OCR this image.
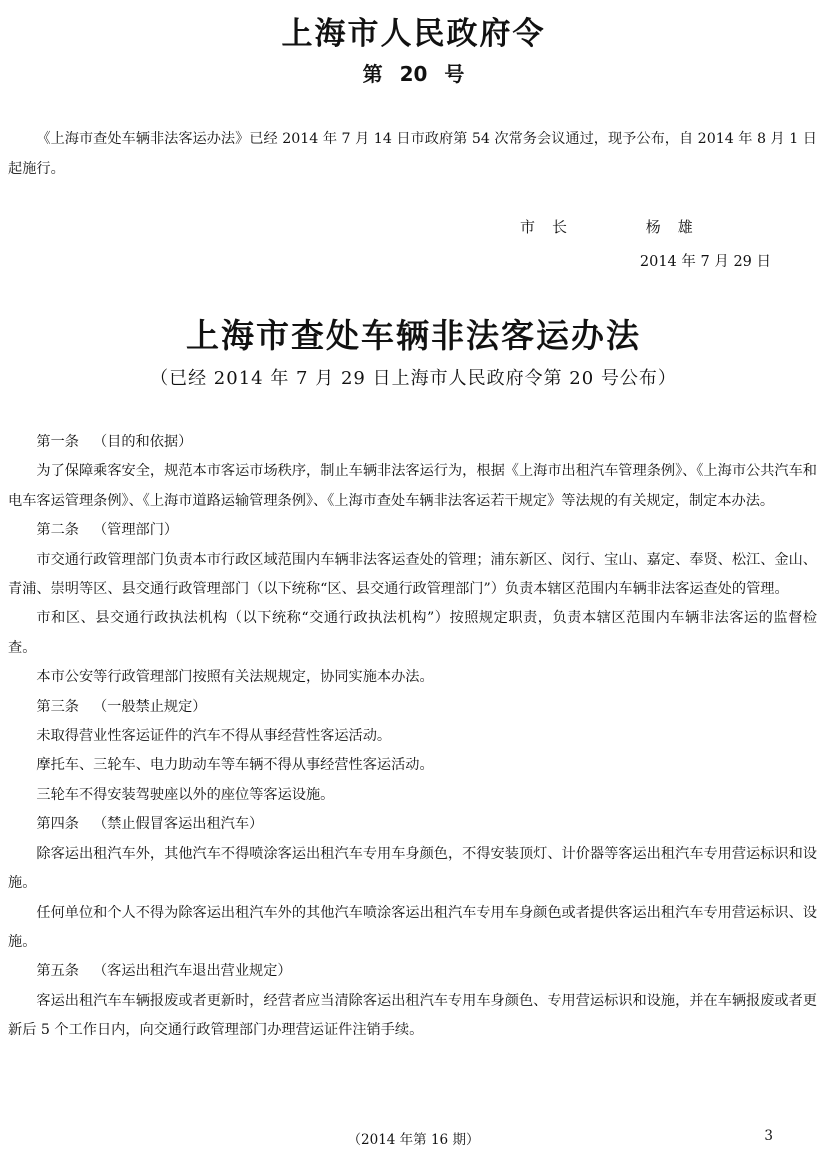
上海市人民政府令
第 20 号
《上海市查处车辆非法客运办法》已经 2014 年 7 月 14 日市政府第 54 次常务会议通过，现予公布，自 2014 年 8 月 1 日起施行。
市　长	杨　雄
2014 年 7 月 29 日
上海市查处车辆非法客运办法
（已经 2014 年 7 月 29 日上海市人民政府令第 20 号公布）

第一条 （目的和依据）

为了保障乘客安全，规范本市客运市场秩序，制止车辆非法客运行为，根据《上海市出租汽车管理条例》、《上海市公共汽车和电车客运管理条例》、《上海市道路运输管理条例》、《上海市查处车辆非法客运若干规定》等法规的有关规定，制定本办法。

第二条 （管理部门）

市交通行政管理部门负责本市行政区域范围内车辆非法客运查处的管理；浦东新区、闵行、宝山、嘉定、奉贤、松江、金山、青浦、崇明等区、县交通行政管理部门（以下统称“区、县交通行政管理部门”）负责本辖区范围内车辆非法客运查处的管理。

市和区、县交通行政执法机构（以下统称“交通行政执法机构”）按照规定职责，负责本辖区范围内车辆非法客运的监督检查。

本市公安等行政管理部门按照有关法规规定，协同实施本办法。

第三条 （一般禁止规定）

未取得营业性客运证件的汽车不得从事经营性客运活动。

摩托车、三轮车、电力助动车等车辆不得从事经营性客运活动。

三轮车不得安装驾驶座以外的座位等客运设施。

第四条 （禁止假冒客运出租汽车）

除客运出租汽车外，其他汽车不得喷涂客运出租汽车专用车身颜色，不得安装顶灯、计价器等客运出租汽车专用营运标识和设施。

任何单位和个人不得为除客运出租汽车外的其他汽车喷涂客运出租汽车专用车身颜色或者提供客运出租汽车专用营运标识、设施。

第五条 （客运出租汽车退出营业规定）

客运出租汽车车辆报废或者更新时，经营者应当清除客运出租汽车专用车身颜色、专用营运标识和设施，并在车辆报废或者更新后 5 个工作日内，向交通行政管理部门办理营运证件注销手续。

（2014 年第 16 期）	3
